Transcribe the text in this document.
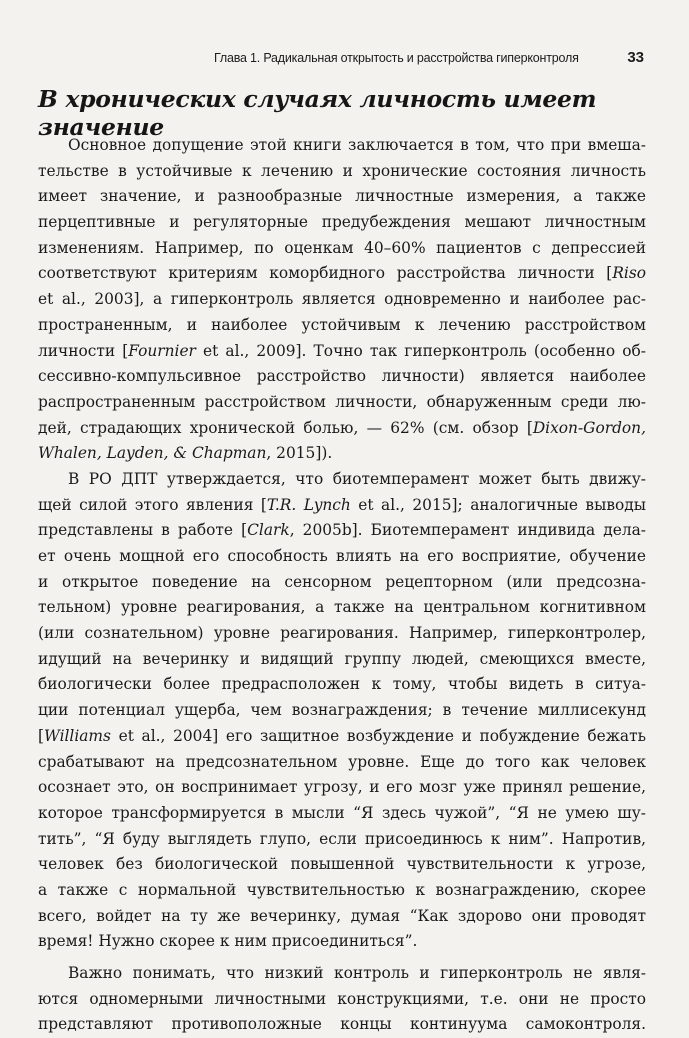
Глава 1. Радикальная открытость и расстройства гиперконтроля	33
В хронических случаях личность имеет значение
Основное допущение этой книги заключается в том, что при вмеша-
тельстве в устойчивые к лечению и хронические состояния личность
имеет значение, и разнообразные личностные измерения, а также
перцептивные и регуляторные предубеждения мешают личностным
изменениям. Например, по оценкам 40–60% пациентов с депрессией
соответствуют критериям коморбидного расстройства личности [Riso
et al., 2003], а гиперконтроль является одновременно и наиболее рас-
пространенным, и наиболее устойчивым к лечению расстройством
личности [Fournier et al., 2009]. Точно так гиперконтроль (особенно об-
сессивно-компульсивное расстройство личности) является наиболее
распространенным расстройством личности, обнаруженным среди лю-
дей, страдающих хронической болью, — 62% (см. обзор [Dixon-Gordon,
Whalen, Layden, & Chapman, 2015]).
В РО ДПТ утверждается, что биотемперамент может быть движу-
щей силой этого явления [T.R. Lynch et al., 2015]; аналогичные выводы
представлены в работе [Clark, 2005b]. Биотемперамент индивида дела-
ет очень мощной его способность влиять на его восприятие, обучение
и открытое поведение на сенсорном рецепторном (или предсозна-
тельном) уровне реагирования, а также на центральном когнитивном
(или сознательном) уровне реагирования. Например, гиперконтролер,
идущий на вечеринку и видящий группу людей, смеющихся вместе,
биологически более предрасположен к тому, чтобы видеть в ситуа-
ции потенциал ущерба, чем вознаграждения; в течение миллисекунд
[Williams et al., 2004] его защитное возбуждение и побуждение бежать
срабатывают на предсознательном уровне. Еще до того как человек
осознает это, он воспринимает угрозу, и его мозг уже принял решение,
которое трансформируется в мысли “Я здесь чужой”, “Я не умею шу-
тить”, “Я буду выглядеть глупо, если присоединюсь к ним”. Напротив,
человек без биологической повышенной чувствительности к угрозе,
а также с нормальной чувствительностью к вознаграждению, скорее
всего, войдет на ту же вечеринку, думая “Как здорово они проводят
время! Нужно скорее к ним присоединиться”.
Важно понимать, что низкий контроль и гиперконтроль не явля-
ются одномерными личностными конструкциями, т.е. они не просто
представляют противоположные концы континуума самоконтроля.
